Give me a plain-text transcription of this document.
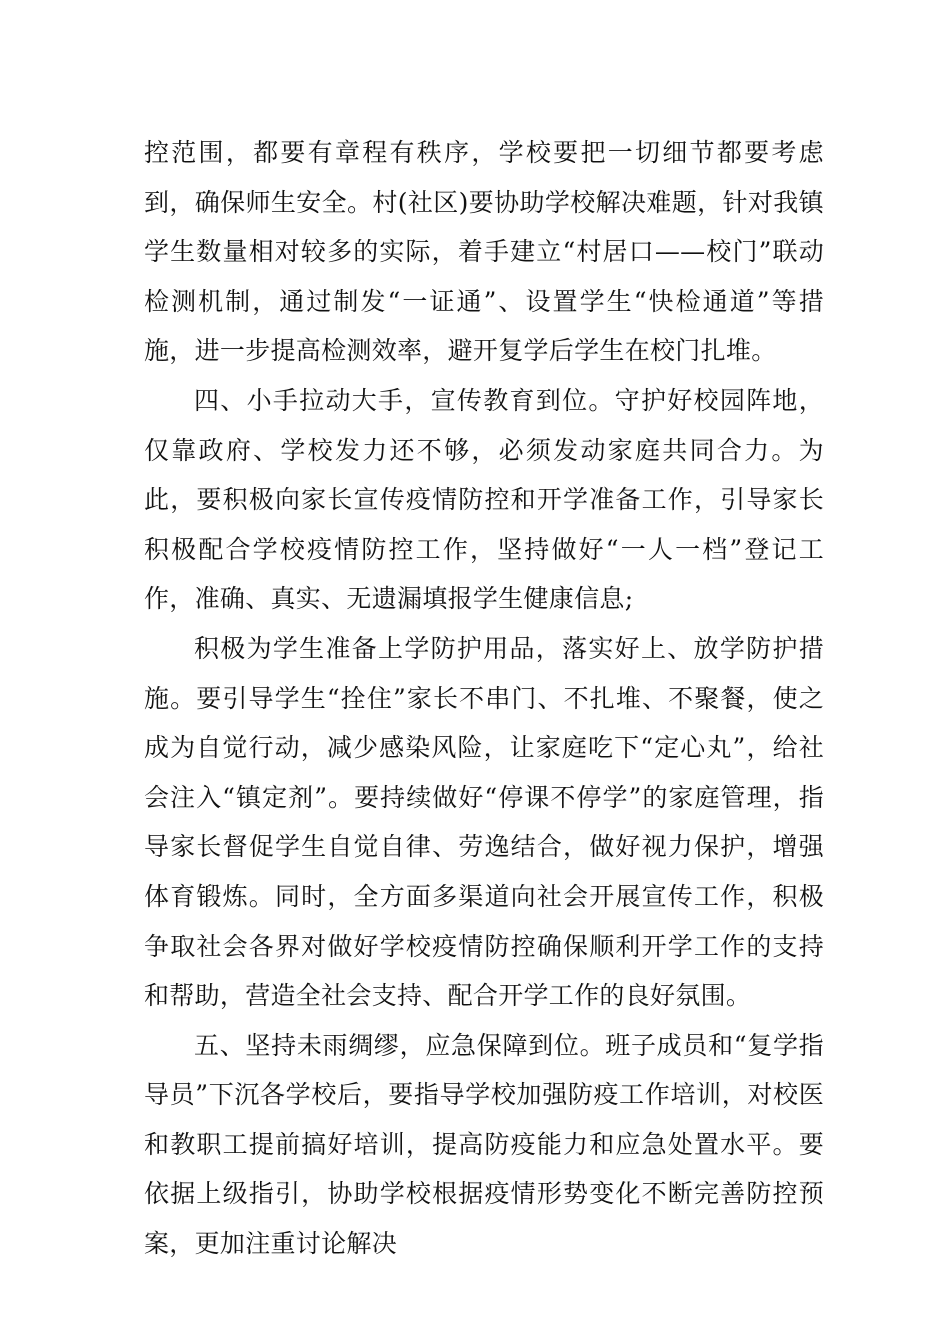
控范围，都要有章程有秩序，学校要把一切细节都要考虑到，确保师生安全。村(社区)要协助学校解决难题，针对我镇学生数量相对较多的实际，着手建立“村居口——校门”联动检测机制，通过制发“一证通”、设置学生“快检通道”等措施，进一步提高检测效率，避开复学后学生在校门扎堆。

四、小手拉动大手，宣传教育到位。守护好校园阵地，仅靠政府、学校发力还不够，必须发动家庭共同合力。为此，要积极向家长宣传疫情防控和开学准备工作，引导家长积极配合学校疫情防控工作，坚持做好“一人一档”登记工作，准确、真实、无遗漏填报学生健康信息;

积极为学生准备上学防护用品，落实好上、放学防护措施。要引导学生“拴住”家长不串门、不扎堆、不聚餐，使之成为自觉行动，减少感染风险，让家庭吃下“定心丸”，给社会注入“镇定剂”。要持续做好“停课不停学”的家庭管理，指导家长督促学生自觉自律、劳逸结合，做好视力保护，增强体育锻炼。同时，全方面多渠道向社会开展宣传工作，积极争取社会各界对做好学校疫情防控确保顺利开学工作的支持和帮助，营造全社会支持、配合开学工作的良好氛围。

五、坚持未雨绸缪，应急保障到位。班子成员和“复学指导员”下沉各学校后，要指导学校加强防疫工作培训，对校医和教职工提前搞好培训，提高防疫能力和应急处置水平。要依据上级指引，协助学校根据疫情形势变化不断完善防控预案，更加注重讨论解决
